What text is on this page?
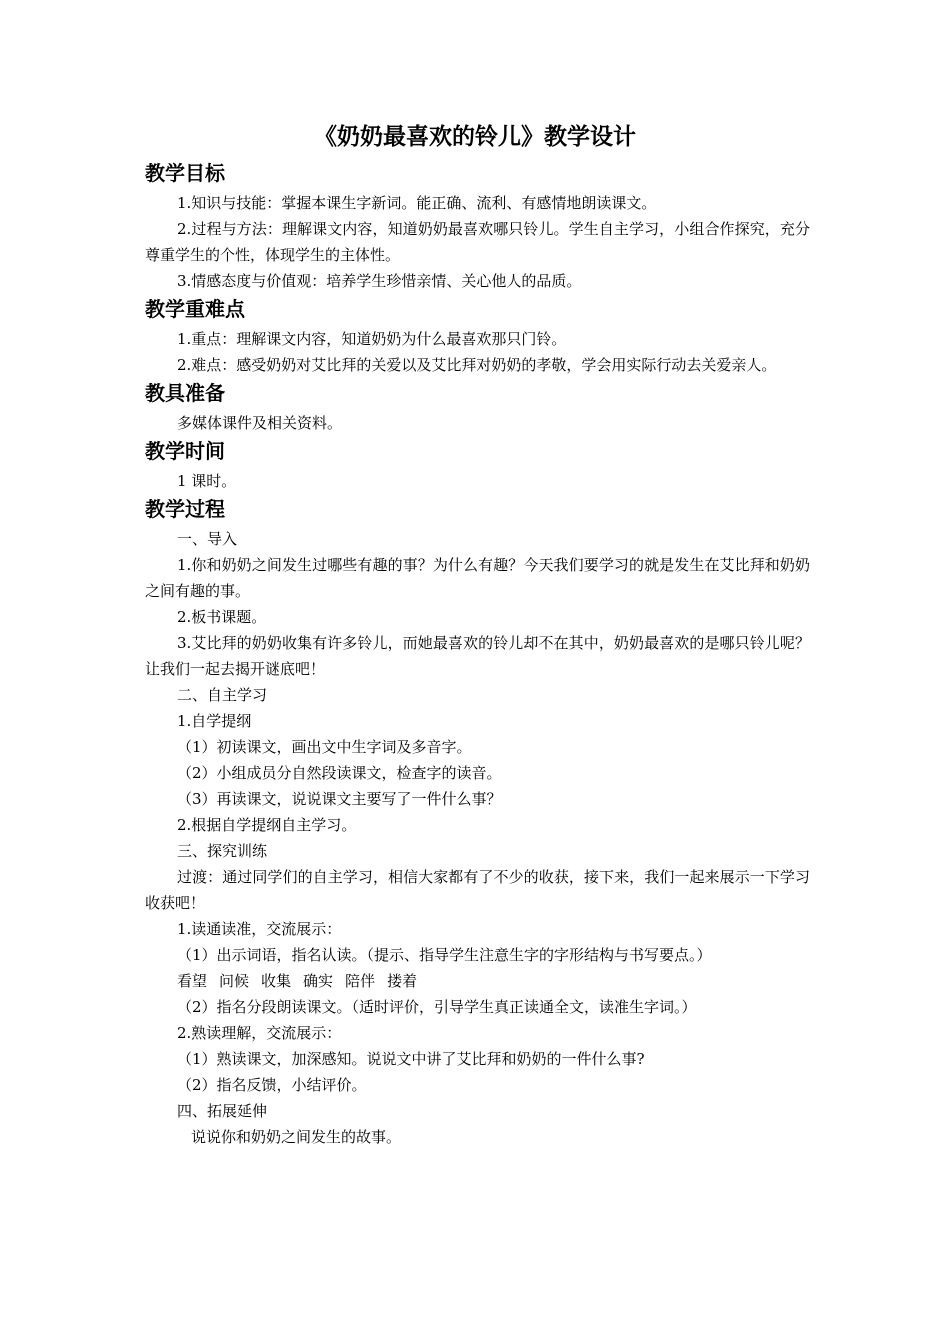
《奶奶最喜欢的铃儿》教学设计
教学目标

1.知识与技能：掌握本课生字新词。能正确、流利、有感情地朗读课文。

2.过程与方法：理解课文内容，知道奶奶最喜欢哪只铃儿。学生自主学习，小组合作探究，充分尊重学生的个性，体现学生的主体性。

3.情感态度与价值观：培养学生珍惜亲情、关心他人的品质。

教学重难点

1.重点：理解课文内容，知道奶奶为什么最喜欢那只门铃。

2.难点：感受奶奶对艾比拜的关爱以及艾比拜对奶奶的孝敬，学会用实际行动去关爱亲人。

教具准备

多媒体课件及相关资料。

教学时间

1 课时。

教学过程

一、导入

1.你和奶奶之间发生过哪些有趣的事？为什么有趣？今天我们要学习的就是发生在艾比拜和奶奶之间有趣的事。

2.板书课题。

3.艾比拜的奶奶收集有许多铃儿，而她最喜欢的铃儿却不在其中，奶奶最喜欢的是哪只铃儿呢？让我们一起去揭开谜底吧！

二、自主学习

1.自学提纲

（1）初读课文，画出文中生字词及多音字。

（2）小组成员分自然段读课文，检查字的读音。

（3）再读课文，说说课文主要写了一件什么事？

2.根据自学提纲自主学习。

三、探究训练

过渡：通过同学们的自主学习，相信大家都有了不少的收获，接下来，我们一起来展示一下学习收获吧！

1.读通读准，交流展示：

（1）出示词语，指名认读。（提示、指导学生注意生字的字形结构与书写要点。）

看望 问候 收集 确实 陪伴 搂着

（2）指名分段朗读课文。（适时评价，引导学生真正读通全文，读准生字词。）

2.熟读理解，交流展示：

（1）熟读课文，加深感知。说说文中讲了艾比拜和奶奶的一件什么事?

（2）指名反馈，小结评价。

四、拓展延伸

说说你和奶奶之间发生的故事。
